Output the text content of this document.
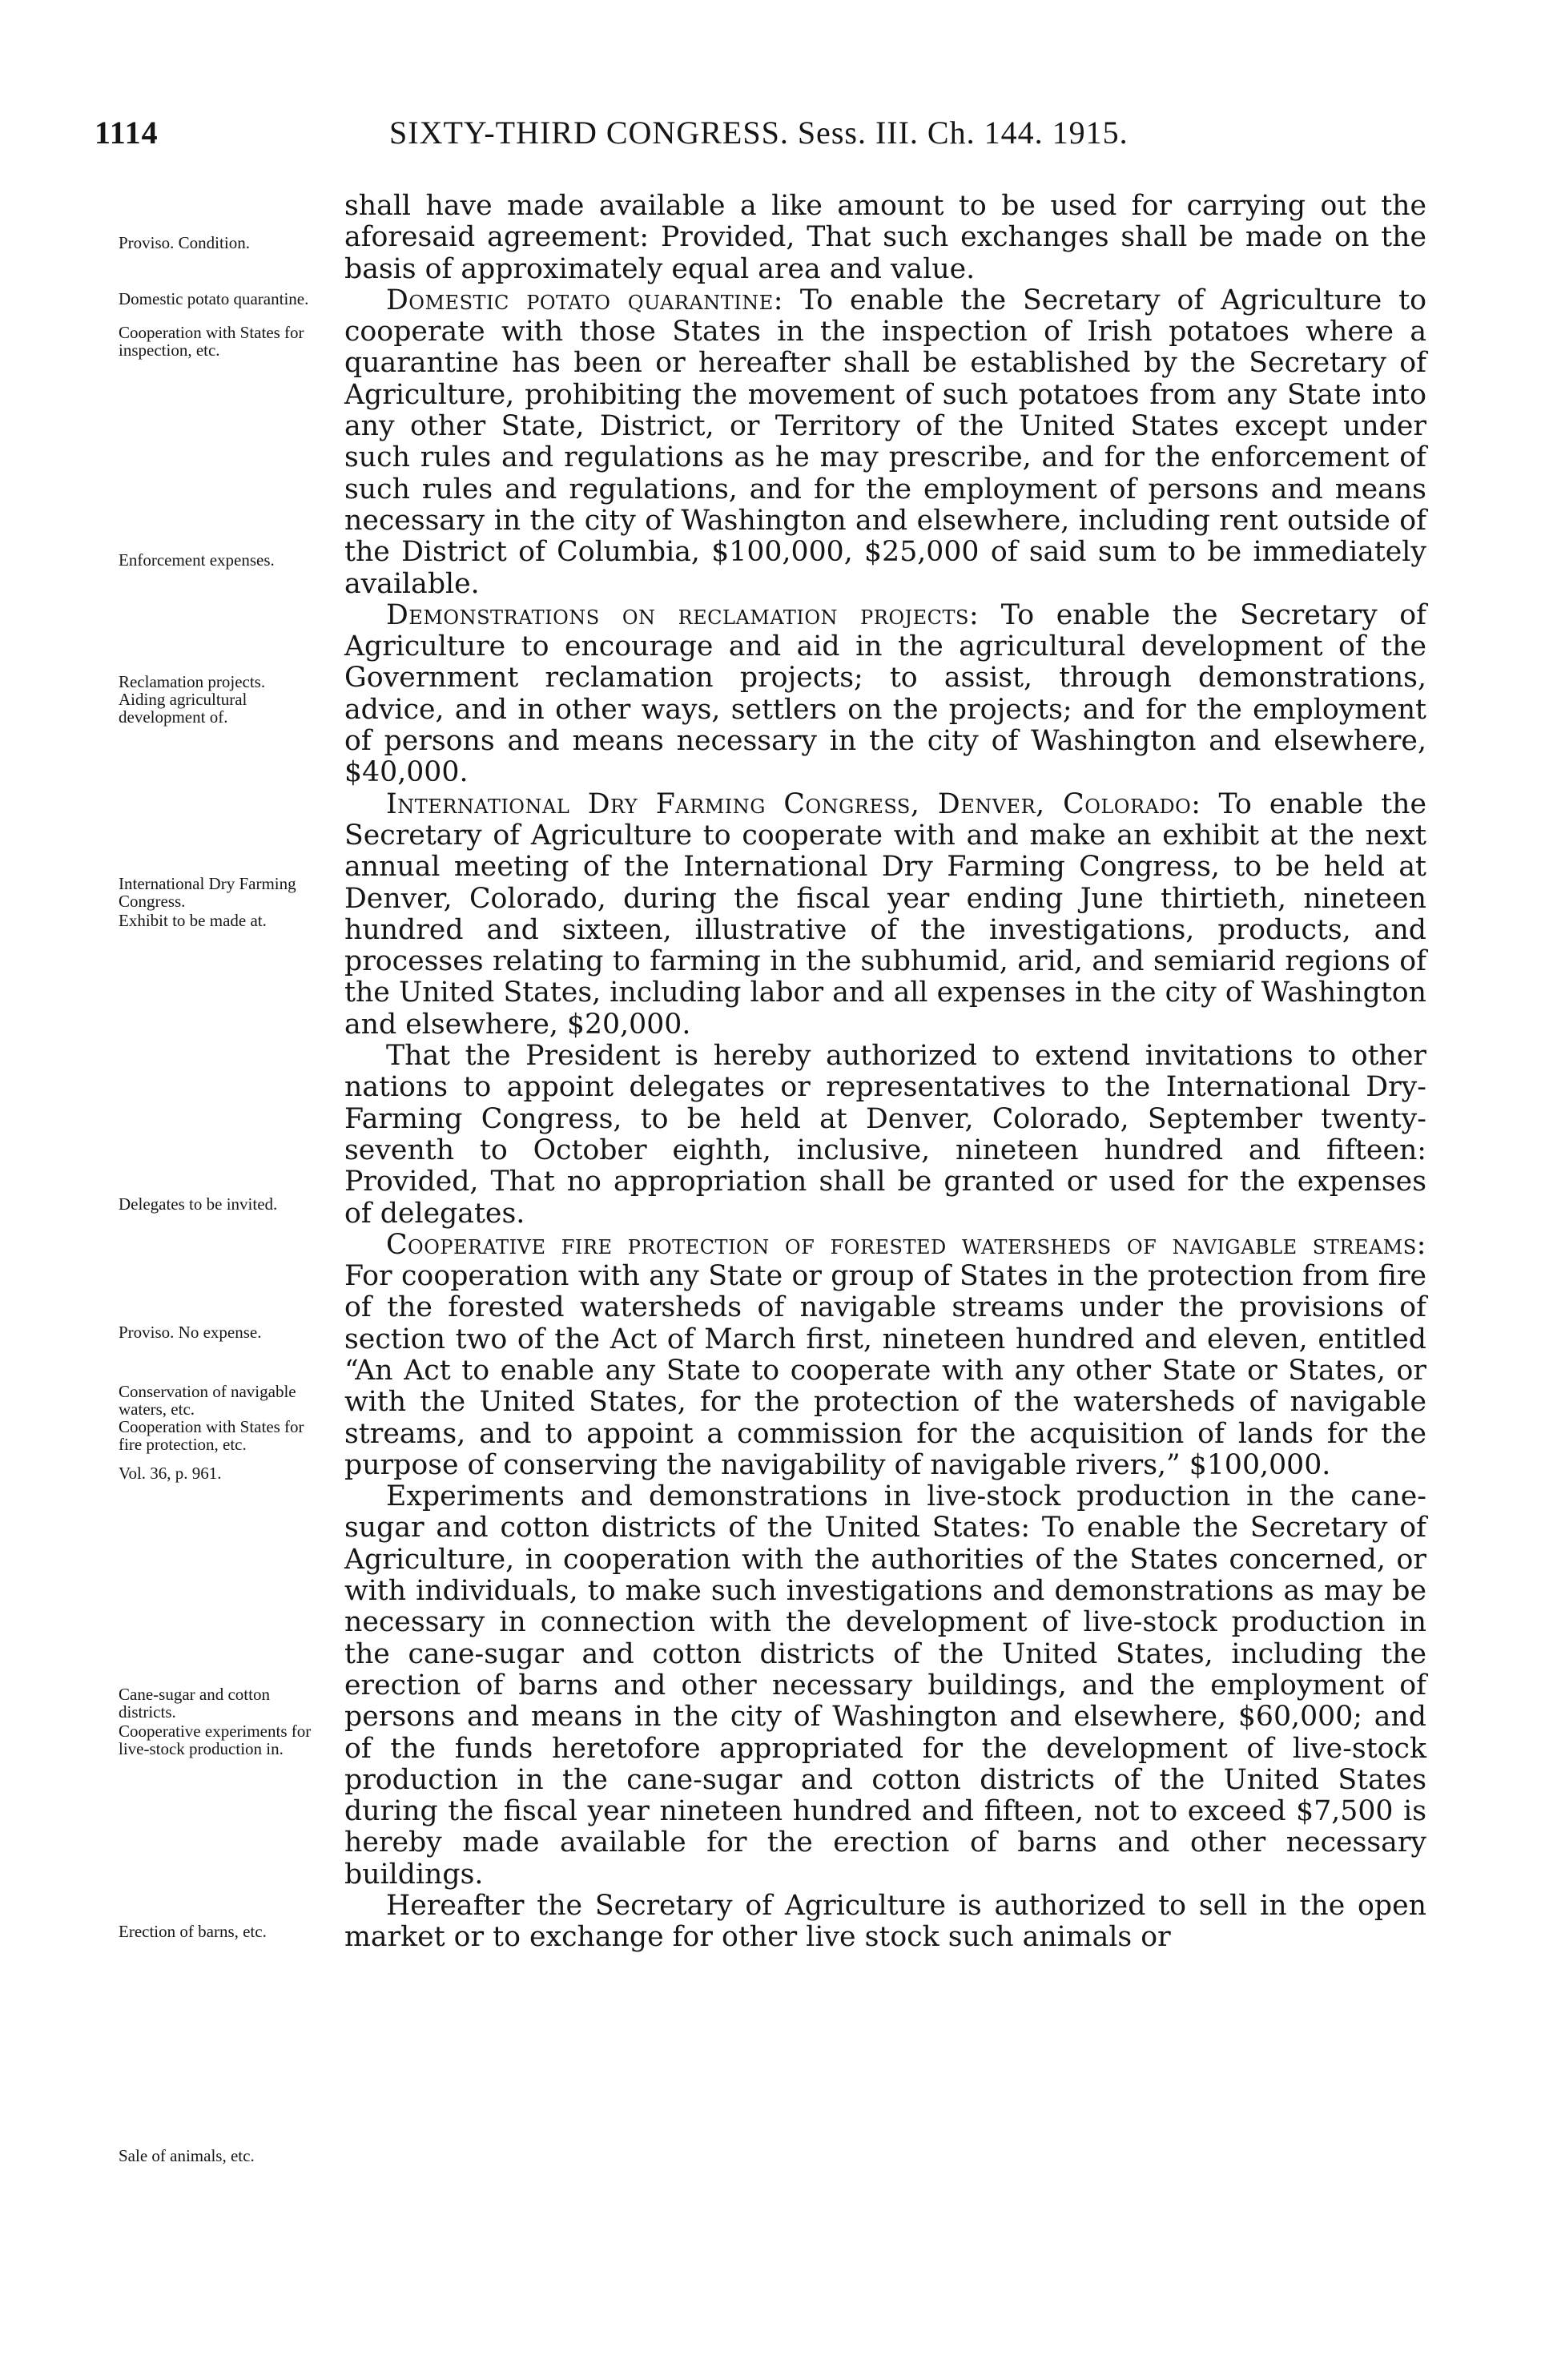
1114	SIXTY-THIRD CONGRESS. Sess. III. Ch. 144. 1915.
Proviso. Condition.
Domestic potato quarantine.
Cooperation with States for inspection, etc.
Enforcement expenses.
Reclamation projects.
Aiding agricultural development of.
International Dry Farming Congress.
Exhibit to be made at.
Delegates to be invited.
Proviso. No expense.
Conservation of navigable waters, etc.
Cooperation with States for fire protection, etc.
Vol. 36, p. 961.
Cane-sugar and cotton districts.
Cooperative experiments for live-stock production in.
Erection of barns, etc.
Sale of animals, etc.

shall have made available a like amount to be used for carrying out the aforesaid agreement: Provided, That such exchanges shall be made on the basis of approximately equal area and value.

Domestic potato quarantine: To enable the Secretary of Agriculture to cooperate with those States in the inspection of Irish potatoes where a quarantine has been or hereafter shall be established by the Secretary of Agriculture, prohibiting the movement of such potatoes from any State into any other State, District, or Territory of the United States except under such rules and regulations as he may prescribe, and for the enforcement of such rules and regulations, and for the employment of persons and means necessary in the city of Washington and elsewhere, including rent outside of the District of Columbia, $100,000, $25,000 of said sum to be immediately available.

Demonstrations on reclamation projects: To enable the Secretary of Agriculture to encourage and aid in the agricultural development of the Government reclamation projects; to assist, through demonstrations, advice, and in other ways, settlers on the projects; and for the employment of persons and means necessary in the city of Washington and elsewhere, $40,000.

International Dry Farming Congress, Denver, Colorado: To enable the Secretary of Agriculture to cooperate with and make an exhibit at the next annual meeting of the International Dry Farming Congress, to be held at Denver, Colorado, during the fiscal year ending June thirtieth, nineteen hundred and sixteen, illustrative of the investigations, products, and processes relating to farming in the subhumid, arid, and semiarid regions of the United States, including labor and all expenses in the city of Washington and elsewhere, $20,000.

That the President is hereby authorized to extend invitations to other nations to appoint delegates or representatives to the International Dry-Farming Congress, to be held at Denver, Colorado, September twenty-seventh to October eighth, inclusive, nineteen hundred and fifteen: Provided, That no appropriation shall be granted or used for the expenses of delegates.

Cooperative fire protection of forested watersheds of navigable streams: For cooperation with any State or group of States in the protection from fire of the forested watersheds of navigable streams under the provisions of section two of the Act of March first, nineteen hundred and eleven, entitled “An Act to enable any State to cooperate with any other State or States, or with the United States, for the protection of the watersheds of navigable streams, and to appoint a commission for the acquisition of lands for the purpose of conserving the navigability of navigable rivers,” $100,000.

Experiments and demonstrations in live-stock production in the cane-sugar and cotton districts of the United States: To enable the Secretary of Agriculture, in cooperation with the authorities of the States concerned, or with individuals, to make such investigations and demonstrations as may be necessary in connection with the development of live-stock production in the cane-sugar and cotton districts of the United States, including the erection of barns and other necessary buildings, and the employment of persons and means in the city of Washington and elsewhere, $60,000; and of the funds heretofore appropriated for the development of live-stock production in the cane-sugar and cotton districts of the United States during the fiscal year nineteen hundred and fifteen, not to exceed $7,500 is hereby made available for the erection of barns and other necessary buildings.

Hereafter the Secretary of Agriculture is authorized to sell in the open market or to exchange for other live stock such animals or
